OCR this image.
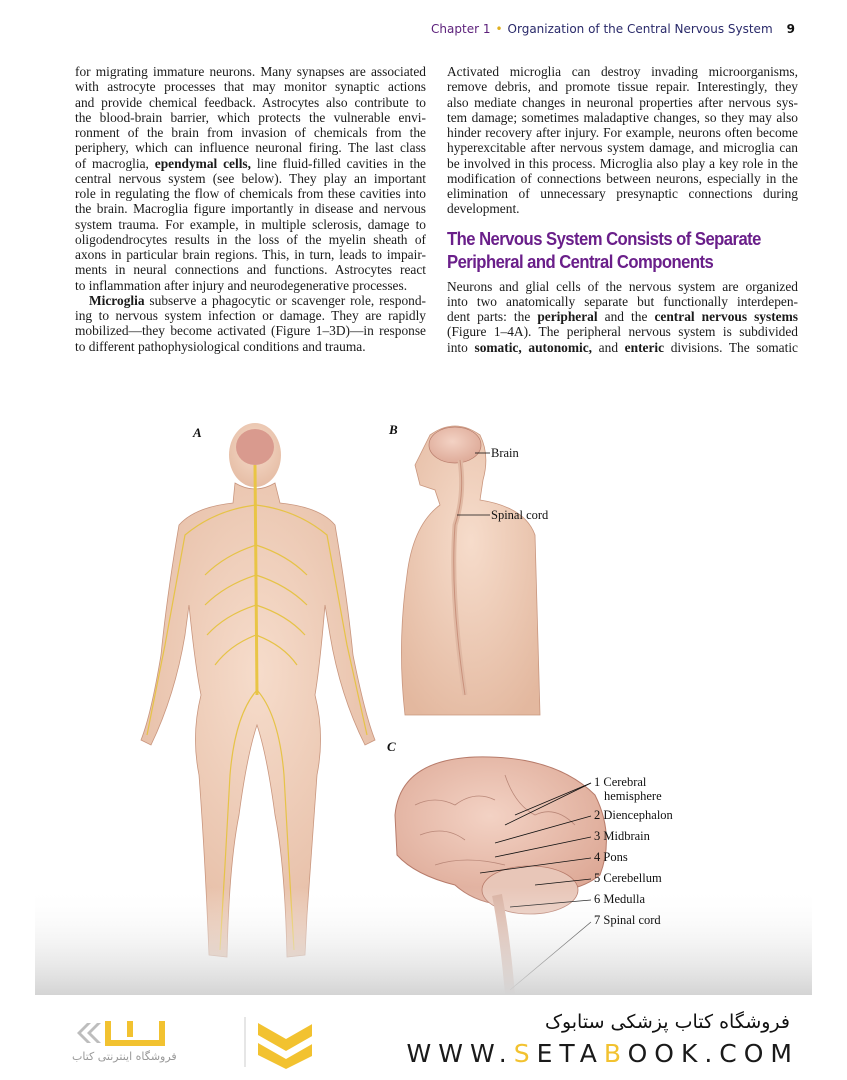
Chapter 1 • Organization of the Central Nervous System 9
for migrating immature neurons. Many synapses are associated
with astrocyte processes that may monitor synaptic actions
and provide chemical feedback. Astrocytes also contribute to
the blood-brain barrier, which protects the vulnerable envi-
ronment of the brain from invasion of chemicals from the
periphery, which can influence neuronal firing. The last class
of macroglia, ependymal cells, line fluid-filled cavities in the
central nervous system (see below). They play an important
role in regulating the flow of chemicals from these cavities into
the brain. Macroglia figure importantly in disease and nervous
system trauma. For example, in multiple sclerosis, damage to
oligodendrocytes results in the loss of the myelin sheath of
axons in particular brain regions. This, in turn, leads to impair-
ments in neural connections and functions. Astrocytes react
to inflammation after injury and neurodegenerative processes.
Microglia subserve a phagocytic or scavenger role, respond-
ing to nervous system infection or damage. They are rapidly
mobilized—they become activated (Figure 1–3D)—in response
to different pathophysiological conditions and trauma.
Activated microglia can destroy invading microorganisms,
remove debris, and promote tissue repair. Interestingly, they
also mediate changes in neuronal properties after nervous sys-
tem damage; sometimes maladaptive changes, so they may also
hinder recovery after injury. For example, neurons often become
hyperexcitable after nervous system damage, and microglia can
be involved in this process. Microglia also play a key role in the
modification of connections between neurons, especially in the
elimination of unnecessary presynaptic connections during
development.
The Nervous System Consists of Separate
Peripheral and Central Components
Neurons and glial cells of the nervous system are organized
into two anatomically separate but functionally interdepen-
dent parts: the peripheral and the central nervous systems
(Figure 1–4A). The peripheral nervous system is subdivided
into somatic, autonomic, and enteric divisions. The somatic
A	B
C
Brain
Spinal cord
1 Cerebral
hemisphere
2 Diencephalon
3 Midbrain
4 Pons
5 Cerebellum
6 Medulla
7 Spinal cord
فروشگاه اینترنتی کتاب
فروشگاه کتاب پزشکی ستابوک
WWW.SETABOOK.COM
